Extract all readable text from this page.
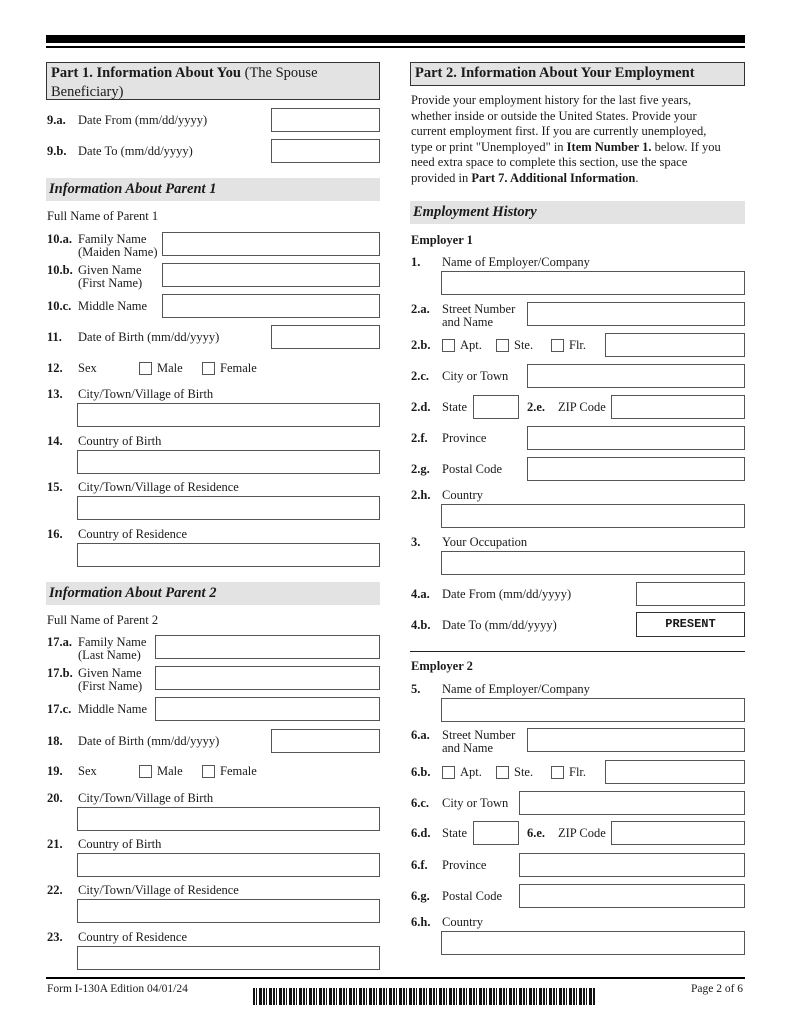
Part 1. Information About You (The Spouse Beneficiary)
9.a. Date From (mm/dd/yyyy)
9.b. Date To (mm/dd/yyyy)
Information About Parent 1
Full Name of Parent 1
10.a. Family Name
(Maiden Name)
10.b. Given Name
(First Name)
10.c. Middle Name
11. Date of Birth (mm/dd/yyyy)
12. Sex	Male	Female
13. City/Town/Village of Birth
14. Country of Birth
15. City/Town/Village of Residence
16. Country of Residence
Information About Parent 2
Full Name of Parent 2
17.a. Family Name
(Last Name)
17.b. Given Name
(First Name)
17.c. Middle Name
18. Date of Birth (mm/dd/yyyy)
19. Sex	Male	Female
20. City/Town/Village of Birth
21. Country of Birth
22. City/Town/Village of Residence
23. Country of Residence
Part 2. Information About Your Employment
Provide your employment history for the last five years,
whether inside or outside the United States. Provide your
current employment first. If you are currently unemployed,
type or print "Unemployed" in Item Number 1. below. If you
need extra space to complete this section, use the space
provided in Part 7. Additional Information.
Employment History
Employer 1
1. Name of Employer/Company
2.a. Street Number
and Name
2.b. Apt.	Ste.	Flr.
2.c. City or Town
2.d. State	2.e. ZIP Code
2.f. Province
2.g. Postal Code
2.h. Country
3. Your Occupation
4.a. Date From (mm/dd/yyyy)
4.b. Date To (mm/dd/yyyy)	PRESENT
Employer 2
5. Name of Employer/Company
6.a. Street Number
and Name
6.b. Apt.	Ste.	Flr.
6.c. City or Town
6.d. State	6.e. ZIP Code
6.f. Province
6.g. Postal Code
6.h. Country
Form I-130A Edition 04/01/24	Page 2 of 6
